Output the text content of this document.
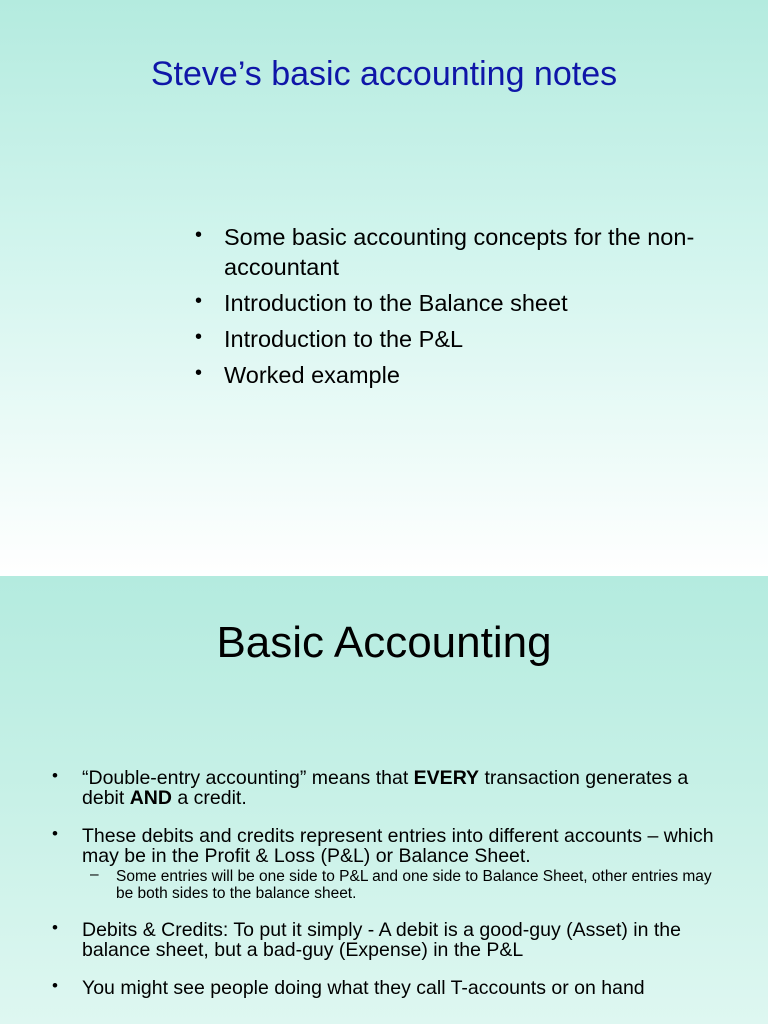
Steve’s basic accounting notes
• Some basic accounting concepts for the non-accountant
• Introduction to the Balance sheet
• Introduction to the P&L
• Worked example
Basic Accounting
• “Double-entry accounting” means that EVERY transaction generates a debit AND a credit.
• These debits and credits represent entries into different accounts – which may be in the Profit & Loss (P&L) or Balance Sheet.
– Some entries will be one side to P&L and one side to Balance Sheet, other entries may be both sides to the balance sheet.
• Debits & Credits: To put it simply - A debit is a good-guy (Asset) in the balance sheet, but a bad-guy (Expense) in the P&L
• You might see people doing what they call T-accounts or on hand
